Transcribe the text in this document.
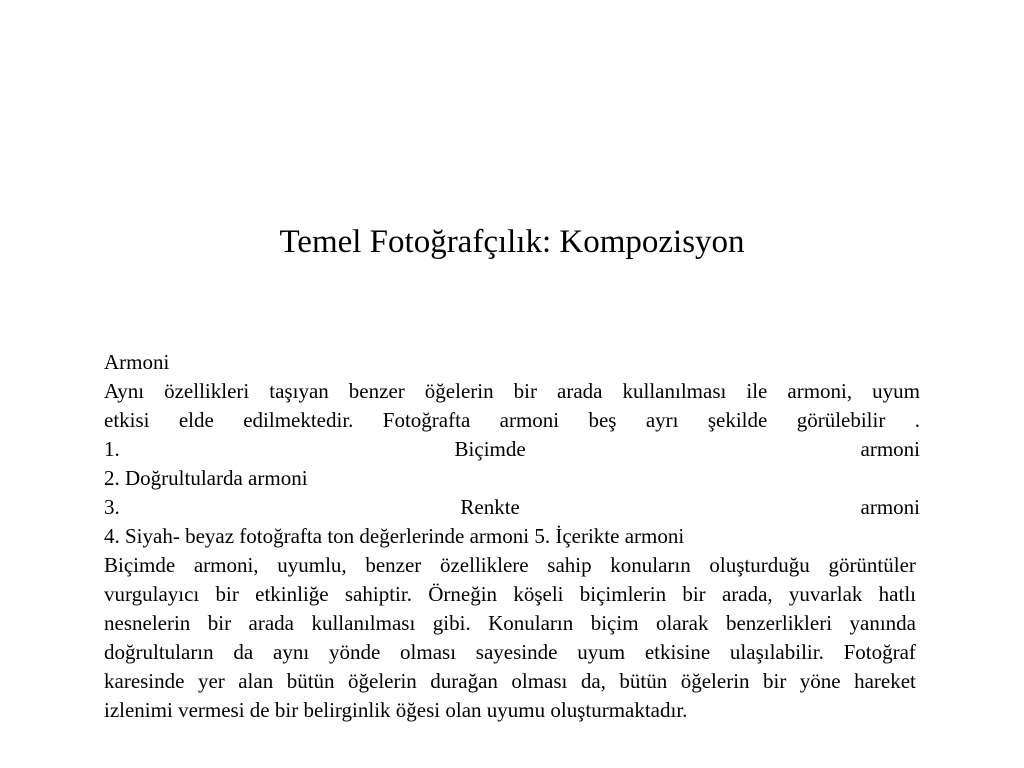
Temel Fotoğrafçılık: Kompozisyon
Armoni
Aynı özellikleri taşıyan benzer öğelerin bir arada kullanılması ile armoni, uyum
etkisi elde edilmektedir. Fotoğrafta armoni beş ayrı şekilde görülebilir .
1.	Biçimde	armoni
2. Doğrultularda armoni
3.	Renkte	armoni
4. Siyah- beyaz fotoğrafta ton değerlerinde armoni 5. İçerikte armoni
Biçimde armoni, uyumlu, benzer özelliklere sahip konuların oluşturduğu görüntüler
vurgulayıcı bir etkinliğe sahiptir. Örneğin köşeli biçimlerin bir arada, yuvarlak hatlı
nesnelerin bir arada kullanılması gibi. Konuların biçim olarak benzerlikleri yanında
doğrultuların da aynı yönde olması sayesinde uyum etkisine ulaşılabilir. Fotoğraf
karesinde yer alan bütün öğelerin durağan olması da, bütün öğelerin bir yöne hareket
izlenimi vermesi de bir belirginlik öğesi olan uyumu oluşturmaktadır.
